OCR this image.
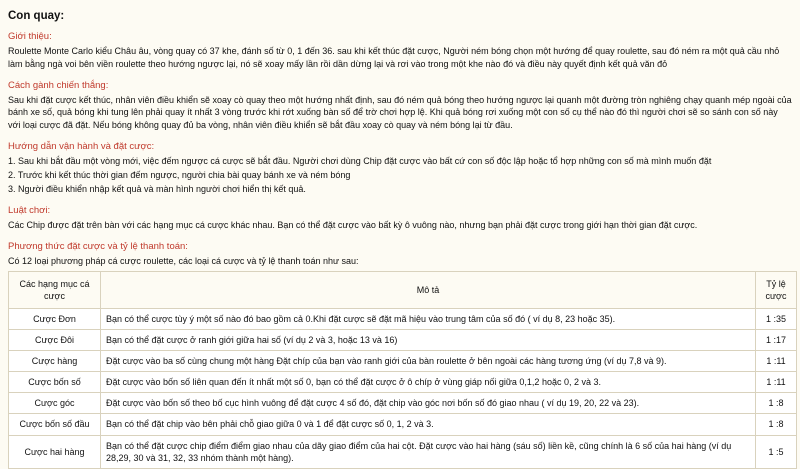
Con quay:
Giới thiệu:
Roulette Monte Carlo kiểu Châu âu, vòng quay có 37 khe, đánh số từ 0, 1 đến 36. sau khi kết thúc đặt cược, Người ném bóng chọn một hướng để quay roulette, sau đó ném ra một quả cầu nhỏ làm bằng ngà voi bên viền roulette theo hướng ngược lại, nó sẽ xoay mấy lần rồi dần dừng lại và rơi vào trong một khe nào đó và điều này quyết định kết quả văn đỏ
Cách gành chiến thắng:
Sau khi đặt cược kết thúc, nhân viên điều khiển sẽ xoay cò quay theo một hướng nhất định, sau đó ném quả bóng theo hướng ngược lại quanh một đường tròn nghiêng chạy quanh mép ngoài của bánh xe số, quả bóng khi tung lên phải quay ít nhất 3 vòng trước khi rớt xuống bàn số để trờ chơi hợp lệ. Khi quả bóng rơi xuống một con số cụ thể nào đó thì người chơi sẽ so sánh con số này với loại cược đã đặt. Nếu bóng không quay đủ ba vòng, nhân viên điều khiển sẽ bắt đầu xoay cò quay và ném bóng lại từ đầu.
Hướng dẫn vận hành và đặt cược:
1. Sau khi bắt đầu một vòng mới, việc đếm ngược cá cược sẽ bắt đầu. Người chơi dùng Chip đặt cược vào bất cứ con số độc lập hoặc tổ hợp những con số mà mình muốn đặt
2. Trước khi kết thúc thời gian đếm ngược, người chia bài quay bánh xe và ném bóng
3. Người điều khiển nhập kết quả và màn hình người chơi hiển thị kết quả.
Luật chơi:
Các Chip được đặt trên bàn với các hạng mục cá cược khác nhau. Bạn có thể đặt cược vào bất kỳ ô vuông nào, nhưng bạn phải đặt cược trong giới hạn thời gian đặt cược.
Phương thức đặt cược và tỷ lệ thanh toán:
Có 12 loại phương pháp cá cược roulette, các loại cá cược và tỷ lệ thanh toán như sau:
Các hạng mục cá cược	Mô tả	Tỷ lệ cược
Cược Đơn	Bạn có thể cược tùy ý một số nào đó bao gồm cả 0.Khi đặt cược sẽ đặt mã hiệu vào trung tâm của số đó ( ví dụ 8, 23 hoặc 35).	1 :35
Cược Đôi	Bạn có thể đặt cược ở ranh giới giữa hai số (ví dụ 2 và 3, hoặc 13 và 16)	1 :17
Cược hàng	Đặt cược vào ba số cùng chung một hàng Đặt chíp của bạn vào ranh giới của bàn roulette ở bên ngoài các hàng tương ứng (ví dụ 7,8 và 9).	1 :11
Cược bốn số	Đặt cược vào bốn số liên quan đến ít nhất một số 0, bạn có thể đặt cược ở ô chíp ở vùng giáp nối giữa 0,1,2 hoặc 0, 2 và 3.	1 :11
Cược góc	Đặt cược vào bốn số theo bố cục hình vuông để đặt cược 4 số đó, đặt chip vào góc nơi bốn số đó giao nhau ( ví dụ 19, 20, 22 và 23).	1 :8
Cược bốn số đầu	Bạn có thể đặt chip vào bên phải chỗ giao giữa 0 và 1 để đặt cược số 0, 1, 2 và 3.	1 :8
Cược hai hàng	Bạn có thể đặt cược chip điểm điểm giao nhau của dãy giao điểm của hai cột. Đặt cược vào hai hàng (sáu số) liền kề, cũng chính là 6 số của hai hàng (ví dụ 28,29, 30 và 31, 32, 33 nhóm thành một hàng).	1 :5
